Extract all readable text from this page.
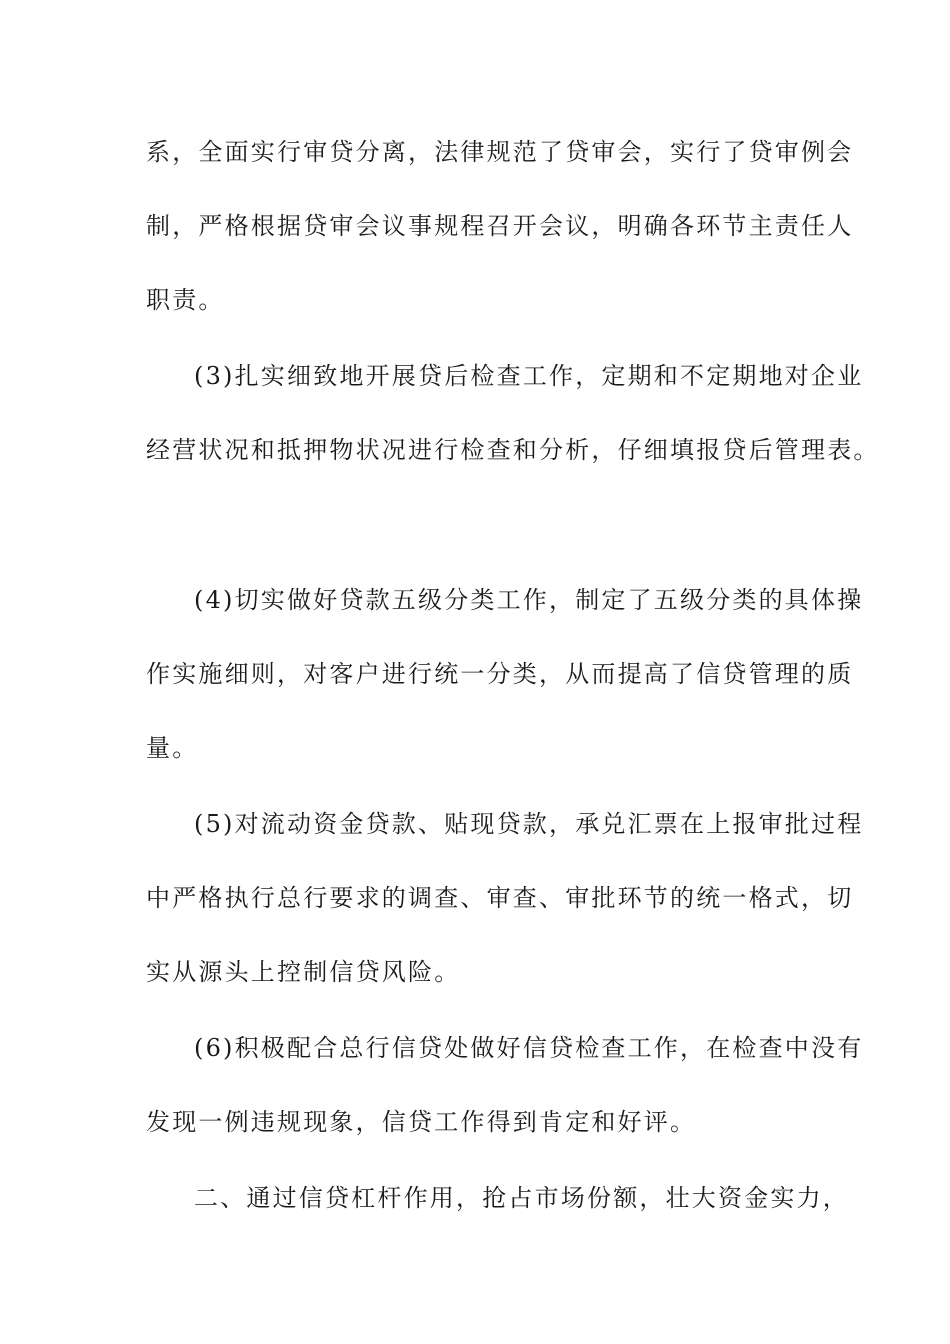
系，全面实行审贷分离，法律规范了贷审会，实行了贷审例会
制，严格根据贷审会议事规程召开会议，明确各环节主责任人
职责。
(3)扎实细致地开展贷后检查工作，定期和不定期地对企业
经营状况和抵押物状况进行检查和分析，仔细填报贷后管理表。
(4)切实做好贷款五级分类工作，制定了五级分类的具体操
作实施细则，对客户进行统一分类，从而提高了信贷管理的质
量。
(5)对流动资金贷款、贴现贷款，承兑汇票在上报审批过程
中严格执行总行要求的调查、审查、审批环节的统一格式，切
实从源头上控制信贷风险。
(6)积极配合总行信贷处做好信贷检查工作，在检查中没有
发现一例违规现象，信贷工作得到肯定和好评。
二、通过信贷杠杆作用，抢占市场份额，壮大资金实力，
